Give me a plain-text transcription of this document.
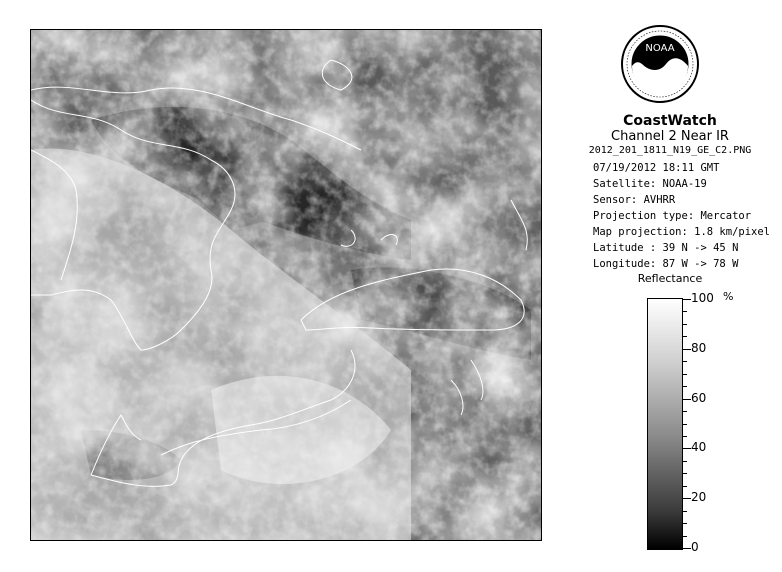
NOAA
CoastWatch
Channel 2 Near IR
2012_201_1811_N19_GE_C2.PNG
07/19/2012 18:11 GMT
Satellite: NOAA-19
Sensor: AVHRR
Projection type: Mercator
Map projection: 1.8 km/pixel
Latitude : 39 N -> 45 N
Longitude: 87 W -> 78 W
Reflectance
%
100
80
60
40
20
0
